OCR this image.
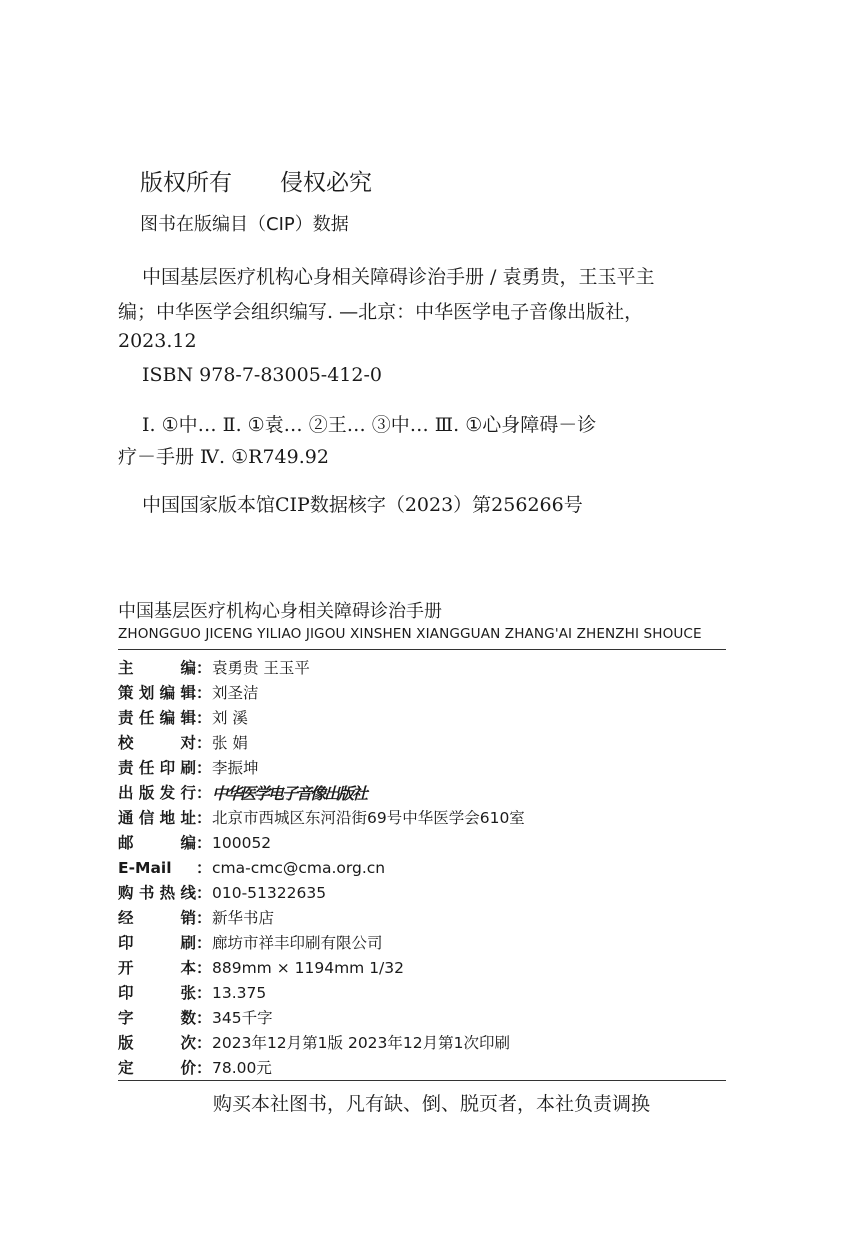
版权所有 侵权必究
图书在版编目（CIP）数据
中国基层医疗机构心身相关障碍诊治手册 / 袁勇贵，王玉平主
编；中华医学会组织编写. —北京：中华医学电子音像出版社，
2023.12
ISBN 978-7-83005-412-0
Ⅰ. ①中… Ⅱ. ①袁… ②王… ③中… Ⅲ. ①心身障碍－诊
疗－手册 Ⅳ. ①R749.92
中国国家版本馆CIP数据核字（2023）第256266号
中国基层医疗机构心身相关障碍诊治手册
ZHONGGUO JICENG YILIAO JIGOU XINSHEN XIANGGUAN ZHANG'AI ZHENZHI SHOUCE
主	编 ： 袁勇贵 王玉平
策 划 编 辑 ： 刘圣洁
责 任 编 辑 ： 刘 溪
校	对 ： 张 娟
责 任 印 刷 ： 李振坤
出 版 发 行 ： 中华医学电子音像出版社
通 信 地 址 ： 北京市西城区东河沿街69号中华医学会610室
邮	编 ： 100052
E-Mail ： cma-cmc@cma.org.cn
购 书 热 线 ： 010-51322635
经	销 ： 新华书店
印	刷 ： 廊坊市祥丰印刷有限公司
开	本 ： 889mm × 1194mm 1/32
印	张 ： 13.375
字	数 ： 345千字
版	次 ： 2023年12月第1版 2023年12月第1次印刷
定	价 ： 78.00元
购买本社图书，凡有缺、倒、脱页者，本社负责调换
